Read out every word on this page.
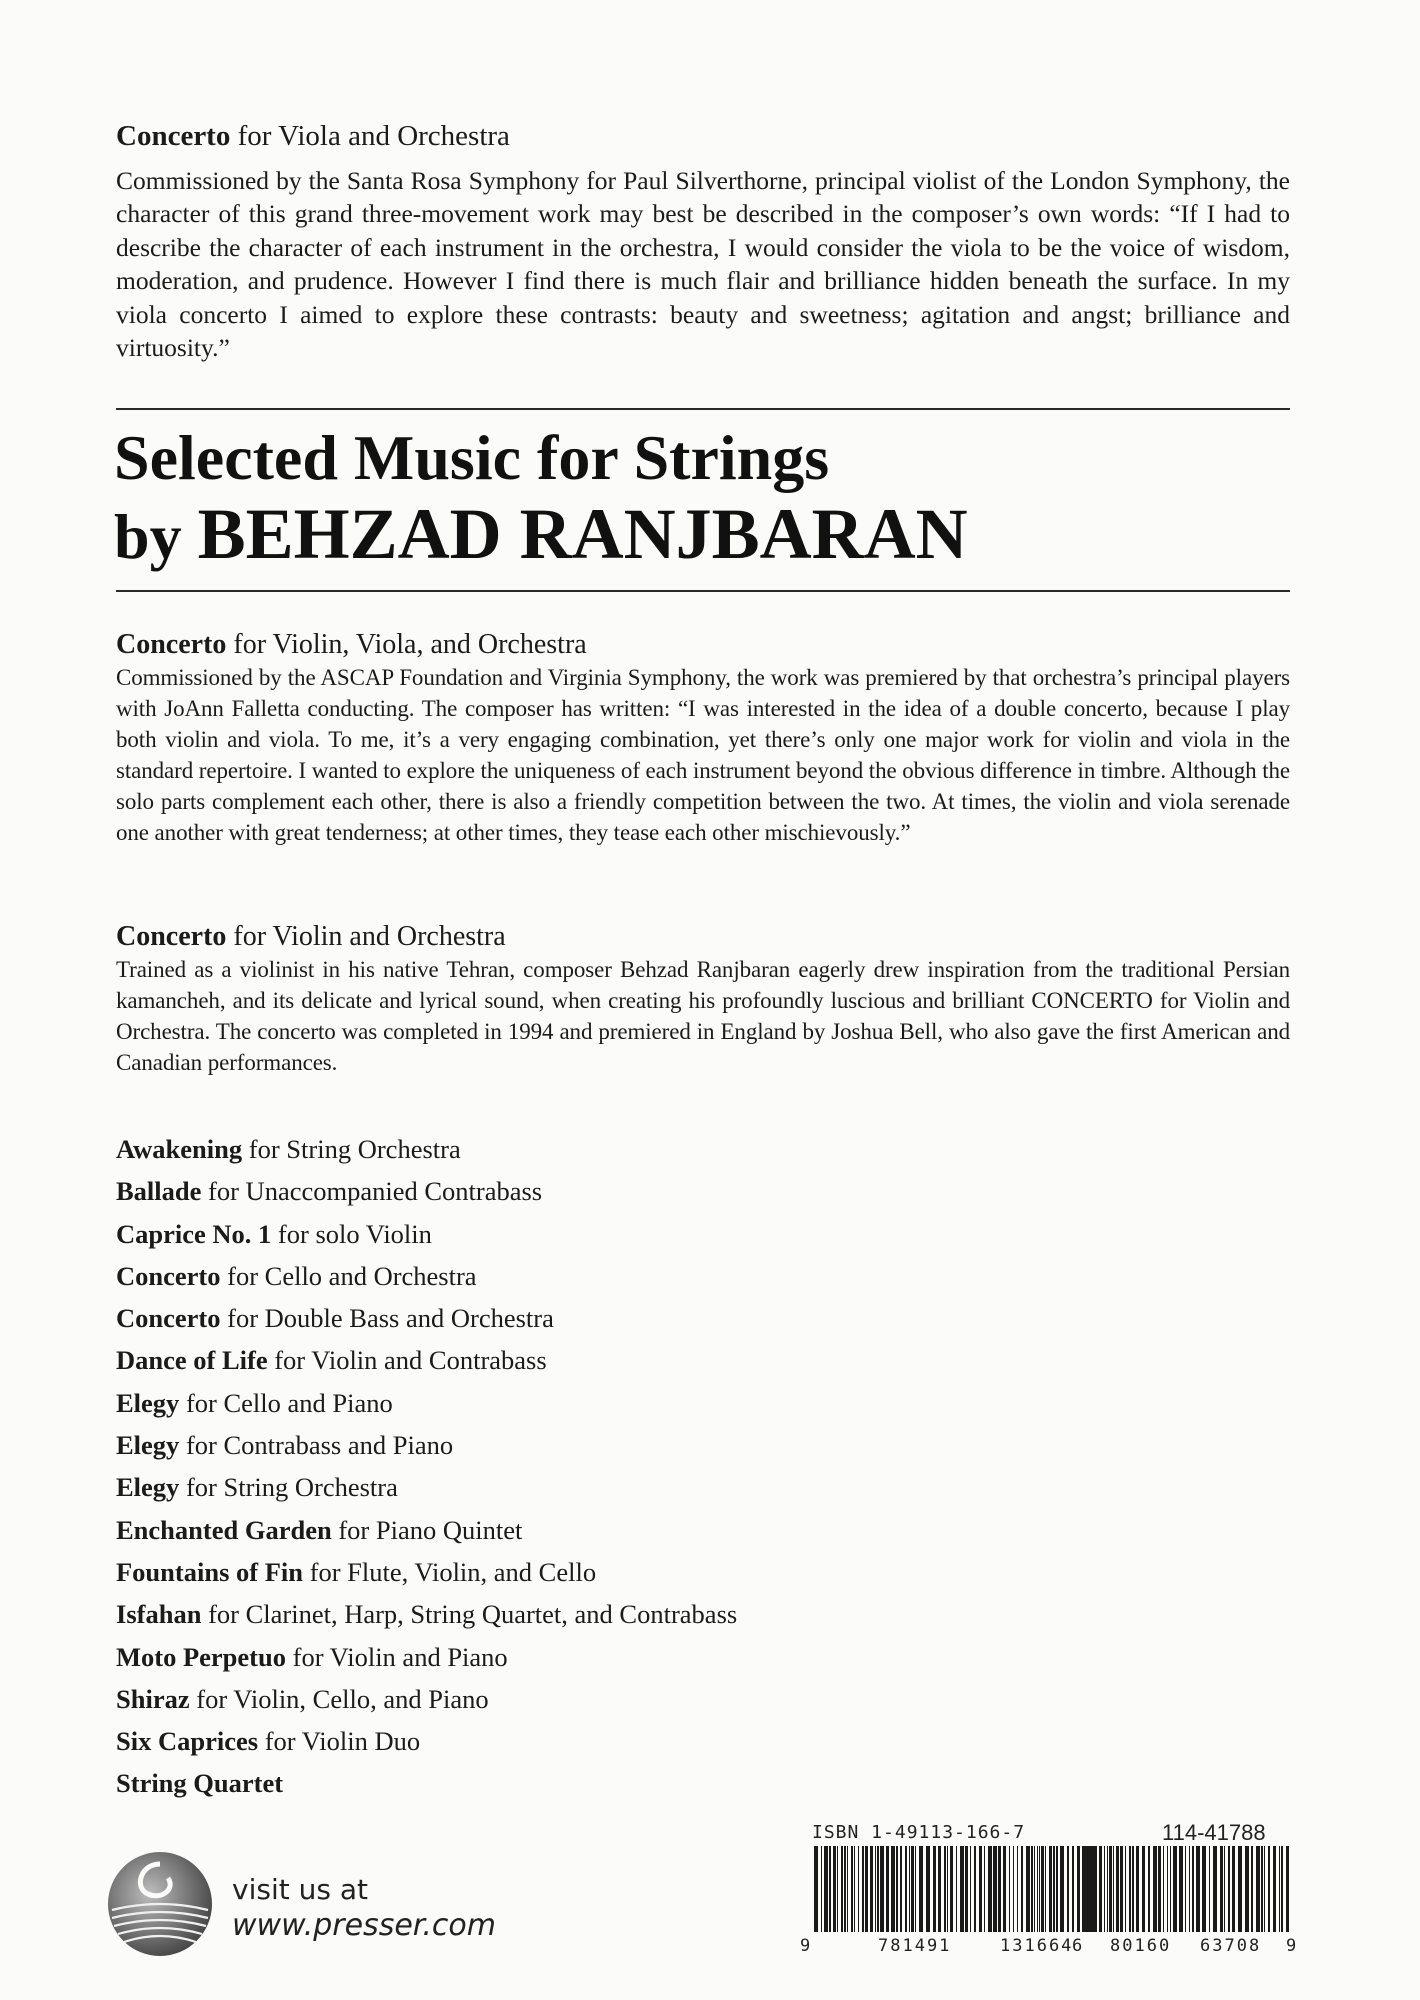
Concerto for Viola and Orchestra

Commissioned by the Santa Rosa Symphony for Paul Silverthorne, principal violist of the London Symphony, the character of this grand three-movement work may best be described in the composer’s own words: “If I had to describe the character of each instrument in the orchestra, I would consider the viola to be the voice of wisdom, moderation, and prudence. However I find there is much flair and brilliance hidden beneath the surface. In my viola concerto I aimed to explore these contrasts: beauty and sweetness; agitation and angst; brilliance and virtuosity.”

Selected Music for Strings
by BEHZAD RANJBARAN

Concerto for Violin, Viola, and Orchestra

Commissioned by the ASCAP Foundation and Virginia Symphony, the work was premiered by that orchestra’s principal players with JoAnn Falletta conducting. The composer has written: “I was interested in the idea of a double concerto, because I play both violin and viola. To me, it’s a very engaging combination, yet there’s only one major work for violin and viola in the standard repertoire. I wanted to explore the uniqueness of each instrument beyond the obvious difference in timbre. Although the solo parts complement each other, there is also a friendly competition between the two. At times, the violin and viola serenade one another with great tenderness; at other times, they tease each other mischievously.”

Concerto for Violin and Orchestra

Trained as a violinist in his native Tehran, composer Behzad Ranjbaran eagerly drew inspiration from the traditional Persian kamancheh, and its delicate and lyrical sound, when creating his profoundly luscious and brilliant CONCERTO for Violin and Orchestra. The concerto was completed in 1994 and premiered in England by Joshua Bell, who also gave the first American and Canadian performances.

Awakening for String Orchestra
Ballade for Unaccompanied Contrabass
Caprice No. 1 for solo Violin
Concerto for Cello and Orchestra
Concerto for Double Bass and Orchestra
Dance of Life for Violin and Contrabass
Elegy for Cello and Piano
Elegy for Contrabass and Piano
Elegy for String Orchestra
Enchanted Garden for Piano Quintet
Fountains of Fin for Flute, Violin, and Cello
Isfahan for Clarinet, Harp, String Quartet, and Contrabass
Moto Perpetuo for Violin and Piano
Shiraz for Violin, Cello, and Piano
Six Caprices for Violin Duo
String Quartet
visit us at
www.presser.com
ISBN 1-49113-166-7	114-41788
9	781491	131664
6 80160 63708 9
